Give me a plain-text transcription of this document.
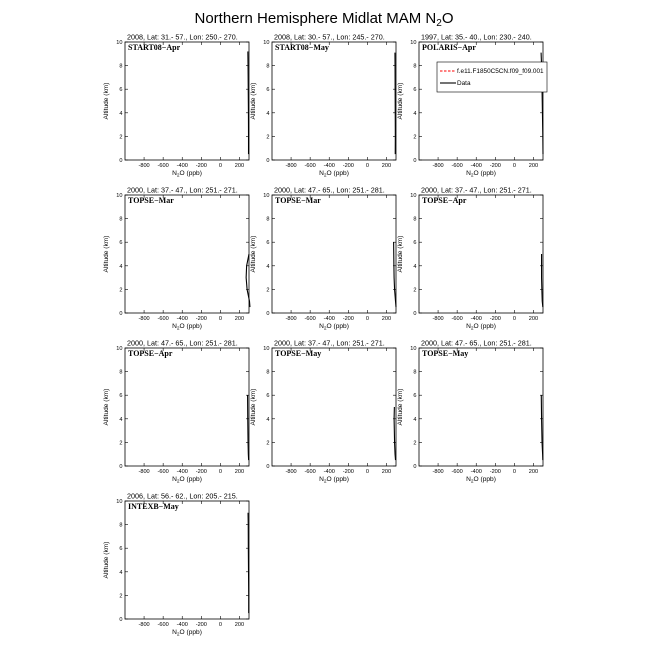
Northern Hemisphere Midlat MAM $N_2O$
2008, Lat: 31.- 57., Lon: 250.- 270.
START08−Apr
0
2
4
6
8
10
-800 -600 -400 -200 0 200
$N_2O$ (ppb)
Altitude (km)
2008, Lat: 30.- 57., Lon: 245.- 270.
START08−May
0
2
4
6
8
10
-800 -600 -400 -200 0 200
$N_2O$ (ppb)
Altitude (km)
1997, Lat: 35.- 40., Lon: 230.- 240.
POLARIS−Apr
0
2
4
6
8
10
-800 -600 -400 -200 0 200
$N_2O$ (ppb)
Altitude (km)
f.e11.F1850C5CN.f09_f09.001
Data
2000, Lat: 37.- 47., Lon: 251.- 271.
TOPSE−Mar
0
2
4
6
8
10
-800 -600 -400 -200 0 200
$N_2O$ (ppb)
Altitude (km)
2000, Lat: 47.- 65., Lon: 251.- 281.
TOPSE−Mar
0
2
4
6
8
10
-800 -600 -400 -200 0 200
$N_2O$ (ppb)
Altitude (km)
2000, Lat: 37.- 47., Lon: 251.- 271.
TOPSE−Apr
0
2
4
6
8
10
-800 -600 -400 -200 0 200
$N_2O$ (ppb)
Altitude (km)
2000, Lat: 47.- 65., Lon: 251.- 281.
TOPSE−Apr
0
2
4
6
8
10
-800 -600 -400 -200 0 200
$N_2O$ (ppb)
Altitude (km)
2000, Lat: 37.- 47., Lon: 251.- 271.
TOPSE−May
0
2
4
6
8
10
-800 -600 -400 -200 0 200
$N_2O$ (ppb)
Altitude (km)
2000, Lat: 47.- 65., Lon: 251.- 281.
TOPSE−May
0
2
4
6
8
10
-800 -600 -400 -200 0 200
$N_2O$ (ppb)
Altitude (km)
2006, Lat: 56.- 62., Lon: 205.- 215.
INTEXB−May
0
2
4
6
8
10
-800 -600 -400 -200 0 200
$N_2O$ (ppb)
Altitude (km)
